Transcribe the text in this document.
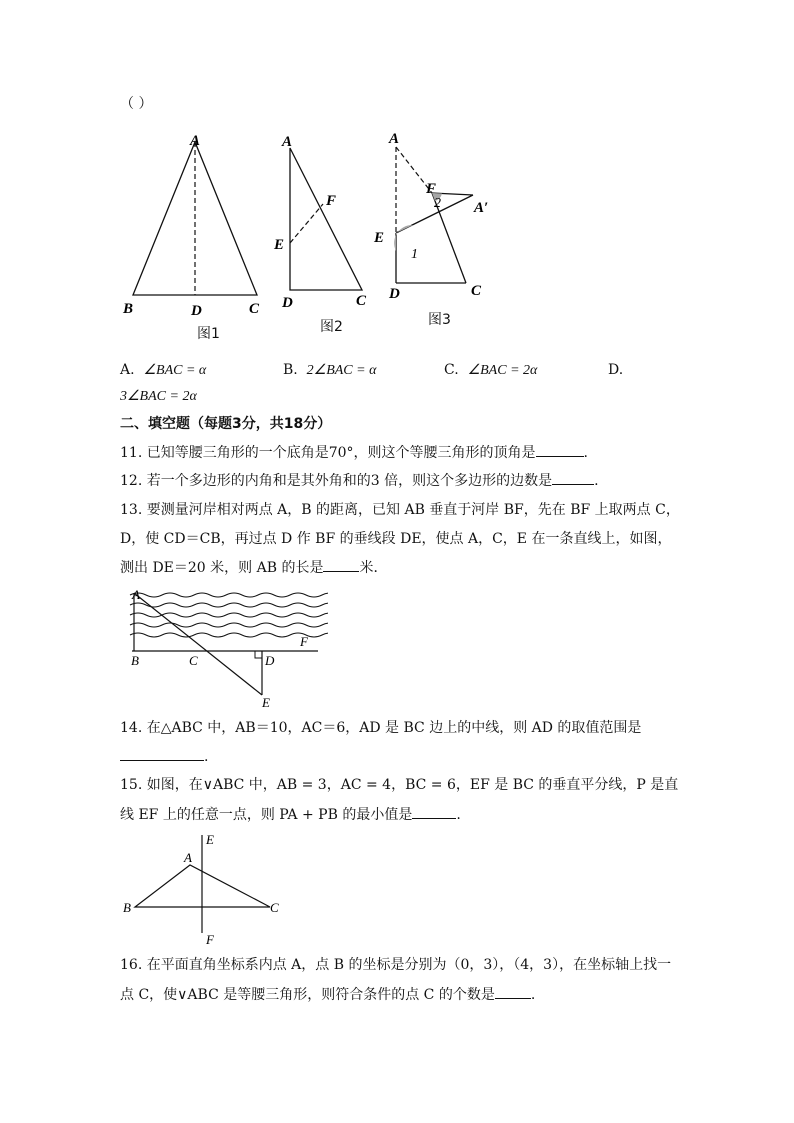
（ ）
A
B	D	C
图1
A
F
E
D	C
图2
A
F
A′
E
D	C
1
2
图3
A. ∠BAC = α	B. 2∠BAC = α	C. ∠BAC = 2α	D.
3∠BAC = 2α
二、填空题（每题3分，共18分）
11. 已知等腰三角形的一个底角是70°，则这个等腰三角形的顶角是	.
12. 若一个多边形的内角和是其外角和的3 倍，则这个多边形的边数是	.
13. 要测量河岸相对两点 A，B 的距离，已知 AB 垂直于河岸 BF，先在 BF 上取两点 C，
D，使 CD＝CB，再过点 D 作 BF 的垂线段 DE，使点 A，C，E 在一条直线上，如图，
测出 DE＝20 米，则 AB 的长是	米．
A
B	C	D
E
F
14. 在△ABC 中，AB＝10，AC＝6，AD 是 BC 边上的中线，则 AD 的取值范围是
.
15. 如图，在∨ABC 中，AB = 3，AC = 4，BC = 6，EF 是 BC 的垂直平分线，P 是直
线 EF 上的任意一点，则 PA + PB 的最小值是	.
A
B	C
E
F
16. 在平面直角坐标系内点 A，点 B 的坐标是分别为（0，3），（4，3），在坐标轴上找一
点 C，使∨ABC 是等腰三角形，则符合条件的点 C 的个数是	.
